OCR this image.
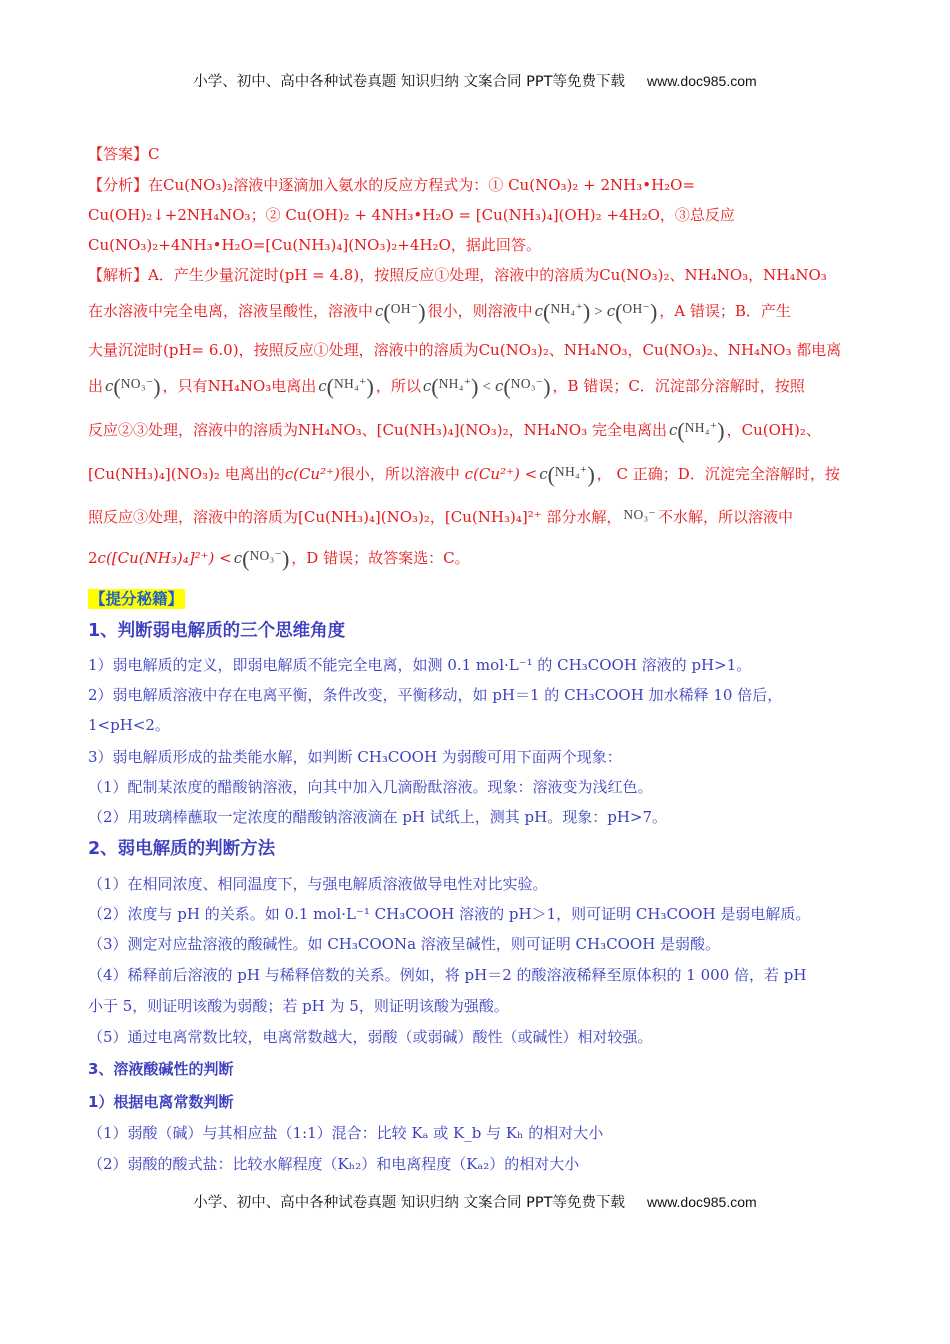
小学、初中、高中各种试卷真题 知识归纳 文案合同 PPT等免费下载 www.doc985.com
【答案】C
【分析】在Cu(NO₃)₂溶液中逐滴加入氨水的反应方程式为：① Cu(NO₃)₂ + 2NH₃•H₂O=
Cu(OH)₂↓+2NH₄NO₃；② Cu(OH)₂ + 4NH₃•H₂O = [Cu(NH₃)₄](OH)₂ +4H₂O，③总反应
Cu(NO₃)₂+4NH₃•H₂O=[Cu(NH₃)₄](NO₃)₂+4H₂O，据此回答。
【解析】A．产生少量沉淀时(pH = 4.8)，按照反应①处理，溶液中的溶质为Cu(NO₃)₂、NH₄NO₃，NH₄NO₃
在水溶液中完全电离，溶液呈酸性，溶液中 c(OH⁻) 很小，则溶液中 c(NH₄⁺) > c(OH⁻) ，A 错误；B．产生
大量沉淀时(pH= 6.0)，按照反应①处理，溶液中的溶质为Cu(NO₃)₂、NH₄NO₃，Cu(NO₃)₂、NH₄NO₃ 都电离
出 c(NO₃⁻) ，只有NH₄NO₃电离出 c(NH₄⁺) ，所以 c(NH₄⁺) < c(NO₃⁻) ，B 错误；C．沉淀部分溶解时，按照
反应②③处理，溶液中的溶质为NH₄NO₃、[Cu(NH₃)₄](NO₃)₂，NH₄NO₃ 完全电离出 c(NH₄⁺) ，Cu(OH)₂、
[Cu(NH₃)₄](NO₃)₂ 电离出的c(Cu²⁺)很小，所以溶液中 c(Cu²⁺) < c(NH₄⁺) ， C 正确；D．沉淀完全溶解时，按
照反应③处理，溶液中的溶质为[Cu(NH₃)₄](NO₃)₂，[Cu(NH₃)₄]²⁺ 部分水解， NO₃⁻ 不水解，所以溶液中
2c([Cu(NH₃)₄]²⁺) < c(NO₃⁻) ，D 错误；故答案选：C。
【提分秘籍】
1、判断弱电解质的三个思维角度
1）弱电解质的定义，即弱电解质不能完全电离，如测 0.1 mol·L⁻¹ 的 CH₃COOH 溶液的 pH>1。
2）弱电解质溶液中存在电离平衡，条件改变，平衡移动，如 pH＝1 的 CH₃COOH 加水稀释 10 倍后，
1<pH<2。
3）弱电解质形成的盐类能水解，如判断 CH₃COOH 为弱酸可用下面两个现象：
（1）配制某浓度的醋酸钠溶液，向其中加入几滴酚酞溶液。现象：溶液变为浅红色。
（2）用玻璃棒蘸取一定浓度的醋酸钠溶液滴在 pH 试纸上，测其 pH。现象：pH>7。
2、弱电解质的判断方法
（1）在相同浓度、相同温度下，与强电解质溶液做导电性对比实验。
（2）浓度与 pH 的关系。如 0.1 mol·L⁻¹ CH₃COOH 溶液的 pH＞1，则可证明 CH₃COOH 是弱电解质。
（3）测定对应盐溶液的酸碱性。如 CH₃COONa 溶液呈碱性，则可证明 CH₃COOH 是弱酸。
（4）稀释前后溶液的 pH 与稀释倍数的关系。例如，将 pH＝2 的酸溶液稀释至原体积的 1 000 倍，若 pH
小于 5，则证明该酸为弱酸；若 pH 为 5，则证明该酸为强酸。
（5）通过电离常数比较，电离常数越大，弱酸（或弱碱）酸性（或碱性）相对较强。
3、溶液酸碱性的判断
1）根据电离常数判断
（1）弱酸（碱）与其相应盐（1:1）混合：比较 Kₐ 或 K_b 与 Kₕ 的相对大小
（2）弱酸的酸式盐：比较水解程度（Kₕ₂）和电离程度（Kₐ₂）的相对大小
小学、初中、高中各种试卷真题 知识归纳 文案合同 PPT等免费下载 www.doc985.com
